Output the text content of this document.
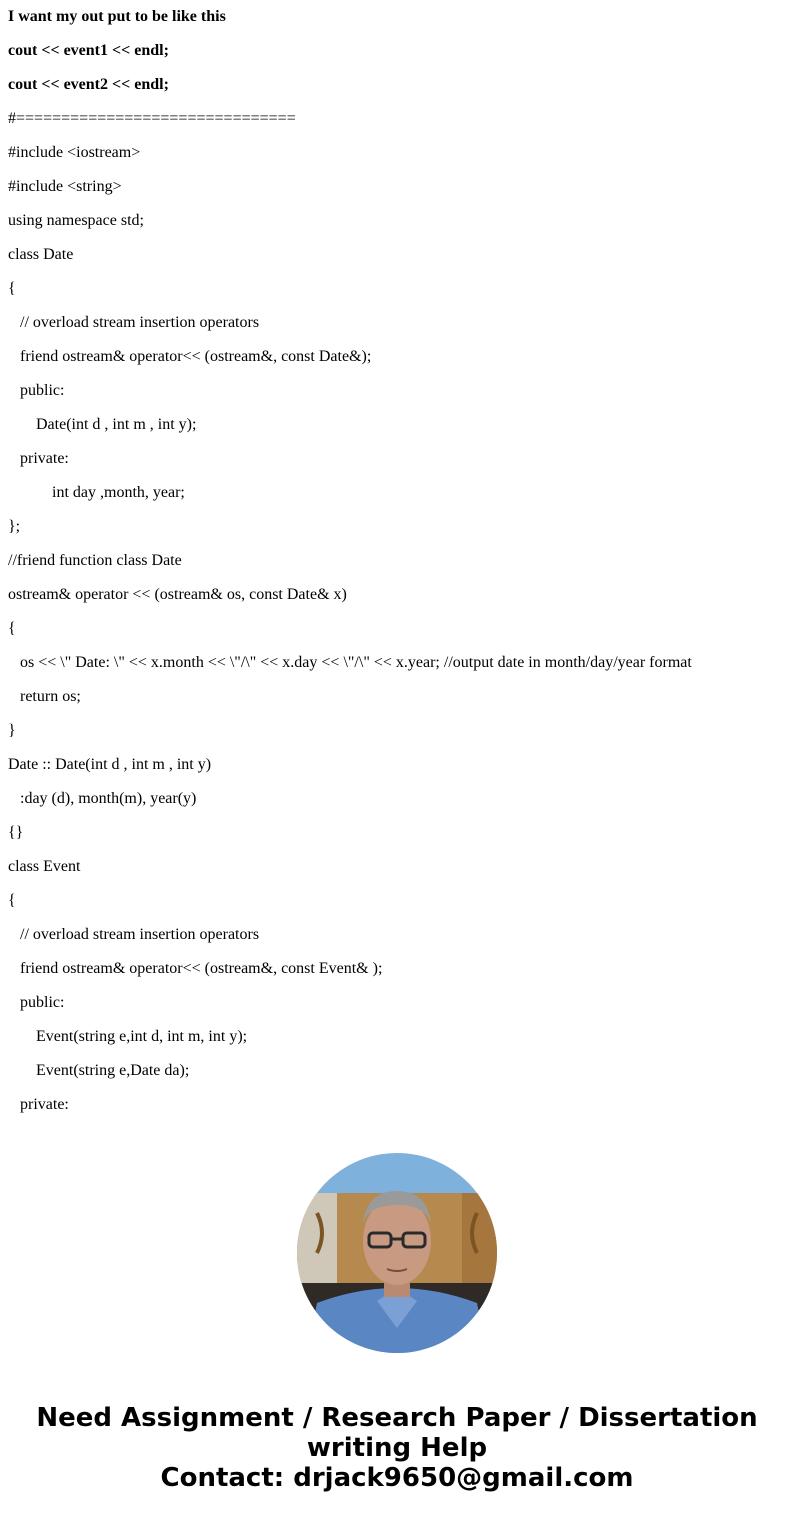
I want my out put to be like this
cout << event1 << endl;
cout << event2 << endl;
#===============================
#include <iostream>
#include <string>
using namespace std;
class Date
{
// overload stream insertion operators
friend ostream& operator<< (ostream&, const Date&);
public:
Date(int d , int m , int y);
private:
int day ,month, year;
};
//friend function class Date
ostream& operator << (ostream& os, const Date& x)
{
os << \" Date: \" << x.month << \"/\" << x.day << \"/\" << x.year; //output date in month/day/year format
return os;
}
Date :: Date(int d , int m , int y)
:day (d), month(m), year(y)
{}
class Event
{
// overload stream insertion operators
friend ostream& operator<< (ostream&, const Event& );
public:
Event(string e,int d, int m, int y);
Event(string e,Date da);
private:
Need Assignment / Research Paper / Dissertation
writing Help
Contact: drjack9650@gmail.com
